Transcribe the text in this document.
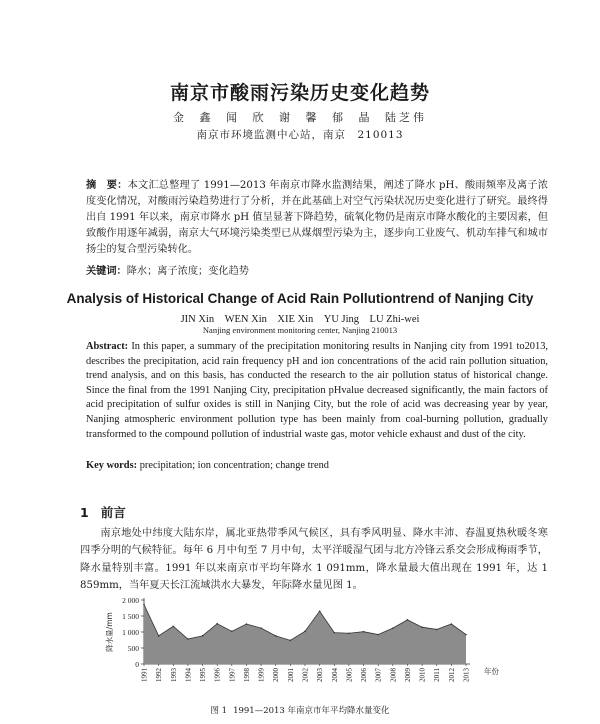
南京市酸雨污染历史变化趋势
金 鑫 闻 欣 谢 馨 郁 晶 陆芝伟
南京市环境监测中心站，南京　210013
摘　要：本文汇总整理了 1991—2013 年南京市降水监测结果，阐述了降水 pH、酸雨频率及离子浓度变化情况，对酸雨污染趋势进行了分析，并在此基础上对空气污染状况历史变化进行了研究。最终得出自 1991 年以来，南京市降水 pH 值呈显著下降趋势，硫氧化物仍是南京市降水酸化的主要因素，但致酸作用逐年减弱，南京大气环境污染类型已从煤烟型污染为主，逐步向工业废气、机动车排气和城市扬尘的复合型污染转化。
关键词：降水；离子浓度；变化趋势
Analysis of Historical Change of Acid Rain Pollutiontrend of Nanjing City
JIN Xin　WEN Xin　XIE Xin　YU Jing　LU Zhi-wei
Nanjing environment monitoring center, Nanjing 210013
Abstract: In this paper, a summary of the precipitation monitoring results in Nanjing city from 1991 to2013, describes the precipitation, acid rain frequency pH and ion concentrations of the acid rain pollution situation, trend analysis, and on this basis, has conducted the research to the air pollution status of historical change. Since the final from the 1991 Nanjing City, precipitation pHvalue decreased significantly, the main factors of acid precipitation of sulfur oxides is still in Nanjing City, but the role of acid was decreasing year by year, Nanjing atmospheric environment pollution type has been mainly from coal-burning pollution, gradually transformed to the compound pollution of industrial waste gas, motor vehicle exhaust and dust of the city.
Key words: precipitation; ion concentration; change trend
1 前言
南京地处中纬度大陆东岸，属北亚热带季风气候区，具有季风明显、降水丰沛、春温夏热秋暖冬寒四季分明的气候特征。每年 6 月中旬至 7 月中旬，太平洋暖湿气团与北方冷锋云系交会形成梅雨季节，降水量特别丰富。1991 年以来南京市平均年降水 1 091mm，降水量最大值出现在 1991 年，达 1 859mm，当年夏天长江流域洪水大暴发，年际降水量见图 1。
0
500
1 000
1 500
2 000
降水量/mm
1991 1992 1993 1994 1995 1996 1997 1998 1999 2000 2001 2002 2003 2004 2005 2006 2007 2008 2009 2010 2011 2012 2013 年份
图 1 1991—2013 年南京市年平均降水量变化
